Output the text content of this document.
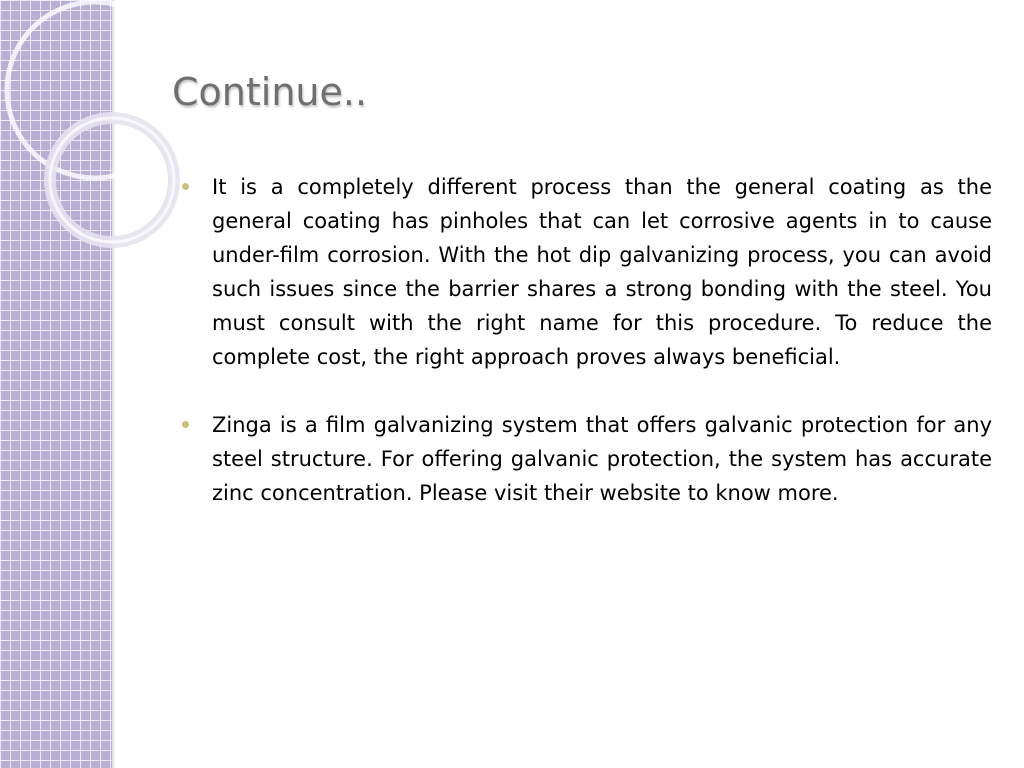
Continue..

It is a completely different process than the general coating as the general coating has pinholes that can let corrosive agents in to cause under-film corrosion. With the hot dip galvanizing process, you can avoid such issues since the barrier shares a strong bonding with the steel. You must consult with the right name for this procedure. To reduce the complete cost, the right approach proves always beneficial.

Zinga is a film galvanizing system that offers galvanic protection for any steel structure. For offering galvanic protection, the system has accurate zinc concentration. Please visit their website to know more.
